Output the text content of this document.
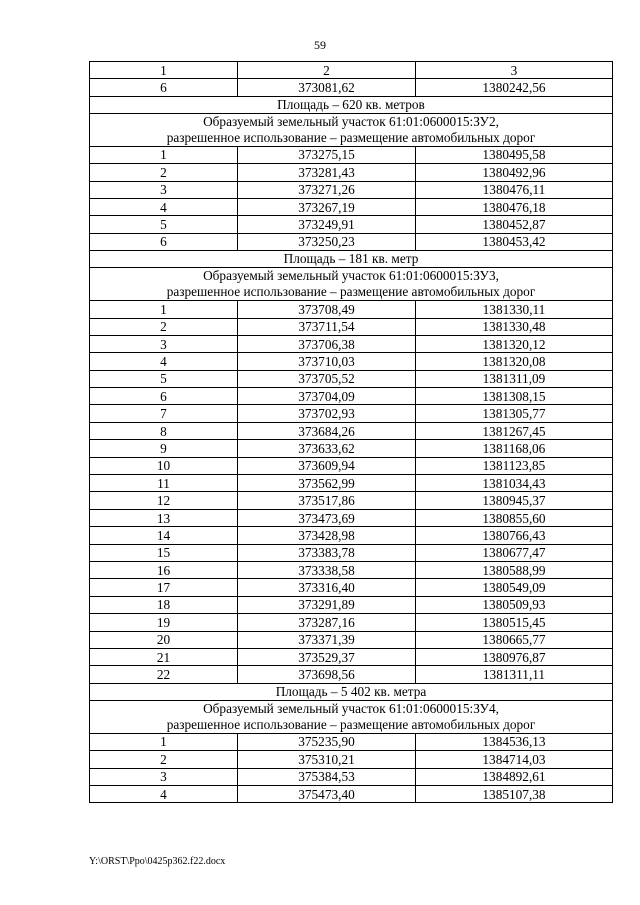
59
1	2	3
6	373081,62	1380242,56

Площадь – 620 кв. метров		

Образуемый земельный участок 61:01:0600015:ЗУ2,
разрешенное использование – размещение автомобильных дорог		

1	373275,15	1380495,58
2	373281,43	1380492,96
3	373271,26	1380476,11
4	373267,19	1380476,18
5	373249,91	1380452,87
6	373250,23	1380453,42

Площадь – 181 кв. метр		

Образуемый земельный участок 61:01:0600015:ЗУ3,
разрешенное использование – размещение автомобильных дорог		

1	373708,49	1381330,11
2	373711,54	1381330,48
3	373706,38	1381320,12
4	373710,03	1381320,08
5	373705,52	1381311,09
6	373704,09	1381308,15
7	373702,93	1381305,77
8	373684,26	1381267,45
9	373633,62	1381168,06
10	373609,94	1381123,85
11	373562,99	1381034,43
12	373517,86	1380945,37
13	373473,69	1380855,60
14	373428,98	1380766,43
15	373383,78	1380677,47
16	373338,58	1380588,99
17	373316,40	1380549,09
18	373291,89	1380509,93
19	373287,16	1380515,45
20	373371,39	1380665,77
21	373529,37	1380976,87
22	373698,56	1381311,11

Площадь – 5 402 кв. метра		

Образуемый земельный участок 61:01:0600015:ЗУ4,
разрешенное использование – размещение автомобильных дорог		

1	375235,90	1384536,13
2	375310,21	1384714,03
3	375384,53	1384892,61
4	375473,40	1385107,38
Y:\ORST\Ppo\0425p362.f22.docx
